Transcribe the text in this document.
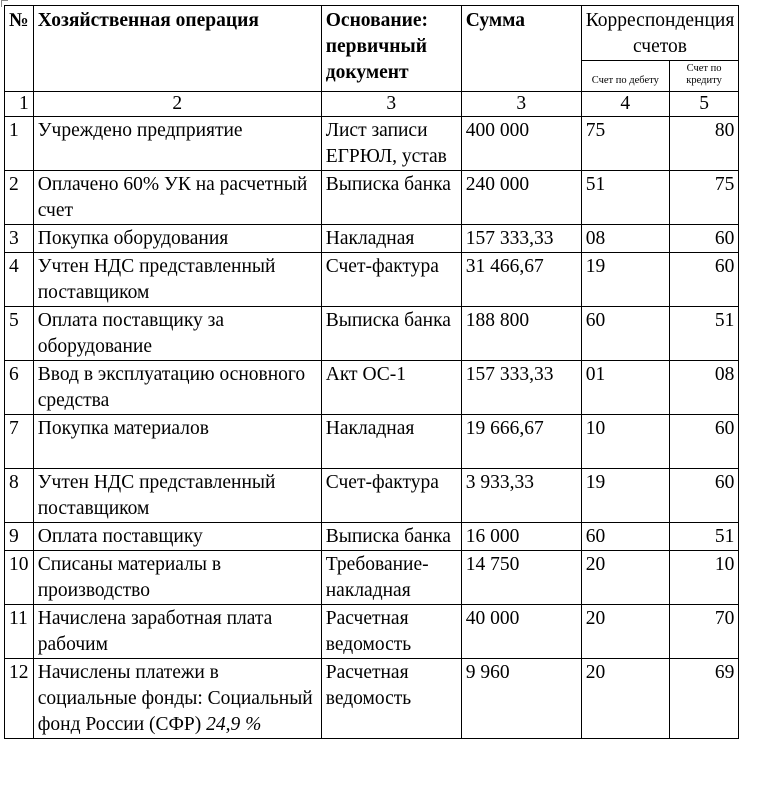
№	Хозяйственная операция	Основание: первичный документ	Сумма	Корреспонденция счетов	
				Счет по дебету	Счет по кредиту
1	2	3	3	4	5
1	Учреждено предприятие	Лист записи ЕГРЮЛ, устав	400 000	75	80
2	Оплачено 60% УК на расчетный счет	Выписка банка	240 000	51	75
3	Покупка оборудования	Накладная	157 333,33	08	60
4	Учтен НДС представленный поставщиком	Счет-фактура	31 466,67	19	60
5	Оплата поставщику за оборудование	Выписка банка	188 800	60	51
6	Ввод в эксплуатацию основного средства	Акт ОС-1	157 333,33	01	08
7	Покупка материалов	Накладная	19 666,67	10	60
8	Учтен НДС представленный поставщиком	Счет-фактура	3 933,33	19	60
9	Оплата поставщику	Выписка банка	16 000	60	51
10	Списаны материалы в производство	Требование-накладная	14 750	20	10
11	Начислена заработная плата рабочим	Расчетная ведомость	40 000	20	70
12	Начислены платежи в социальные фонды: Социальный фонд России (СФР) 24,9 %	Расчетная ведомость	9 960	20	69
